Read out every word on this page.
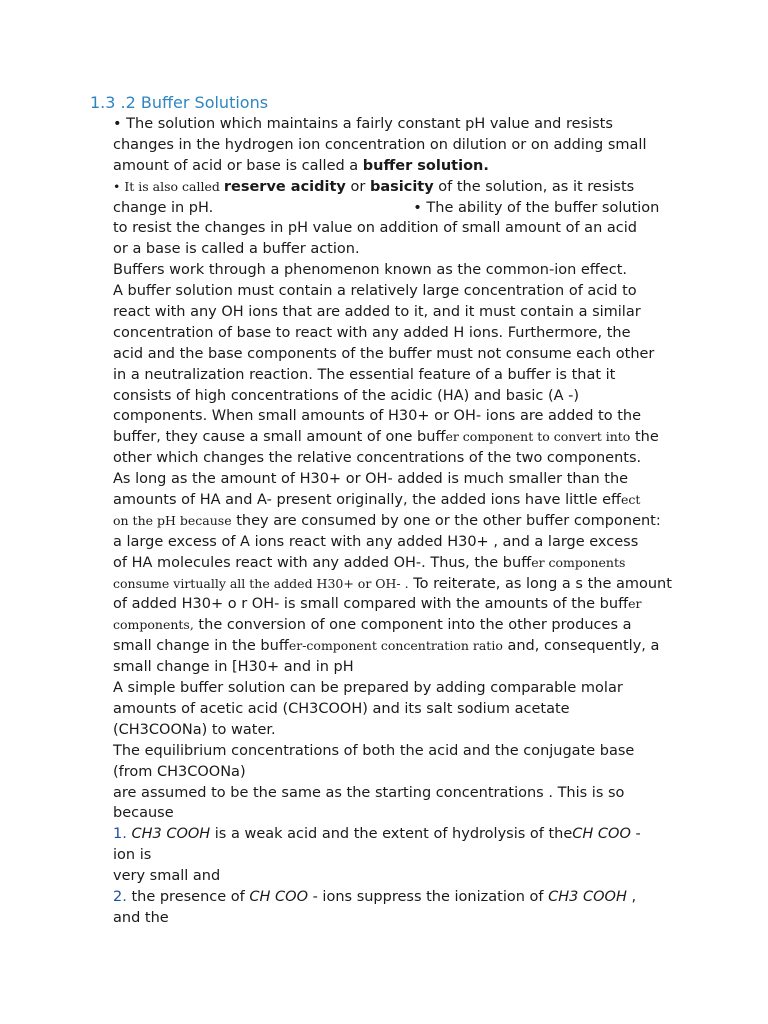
1.3 .2 Buffer Solutions
• The solution which maintains a fairly constant pH value and resists
changes in the hydrogen ion concentration on dilution or on adding small
amount of acid or base is called a buffer solution.
• It is also called reserve acidity or basicity of the solution, as it resists
change in pH.	• The ability of the buffer solution
to resist the changes in pH value on addition of small amount of an acid
or a base is called a buffer action.
Buffers work through a phenomenon known as the common-ion effect.
A buffer solution must contain a relatively large concentration of acid to
react with any OH ions that are added to it, and it must contain a similar
concentration of base to react with any added H ions. Furthermore, the
acid and the base components of the buffer must not consume each other
in a neutralization reaction. The essential feature of a buffer is that it
consists of high concentrations of the acidic (HA) and basic (A -)
components. When small amounts of H30+ or OH- ions are added to the
buffer, they cause a small amount of one buffer component to convert into the
other which changes the relative concentrations of the two components.
As long as the amount of H30+ or OH- added is much smaller than the
amounts of HA and A- present originally, the added ions have little effect
on the pH because they are consumed by one or the other buffer component:
a large excess of A ions react with any added H30+ , and a large excess
of HA molecules react with any added OH-. Thus, the buffer components
consume virtually all the added H30+ or OH- . To reiterate, as long a s the amount
of added H30+ o r OH- is small compared with the amounts of the buffer
components, the conversion of one component into the other produces a
small change in the buffer-component concentration ratio and, consequently, a
small change in [H30+ and in pH
A simple buffer solution can be prepared by adding comparable molar
amounts of acetic acid (CH3COOH) and its salt sodium acetate
(CH3COONa) to water.
The equilibrium concentrations of both the acid and the conjugate base
(from CH3COONa)
are assumed to be the same as the starting concentrations . This is so
because
1. CH3 COOH is a weak acid and the extent of hydrolysis of theCH COO -
ion is
very small and
2. the presence of CH COO - ions suppress the ionization of CH3 COOH ,
and the
